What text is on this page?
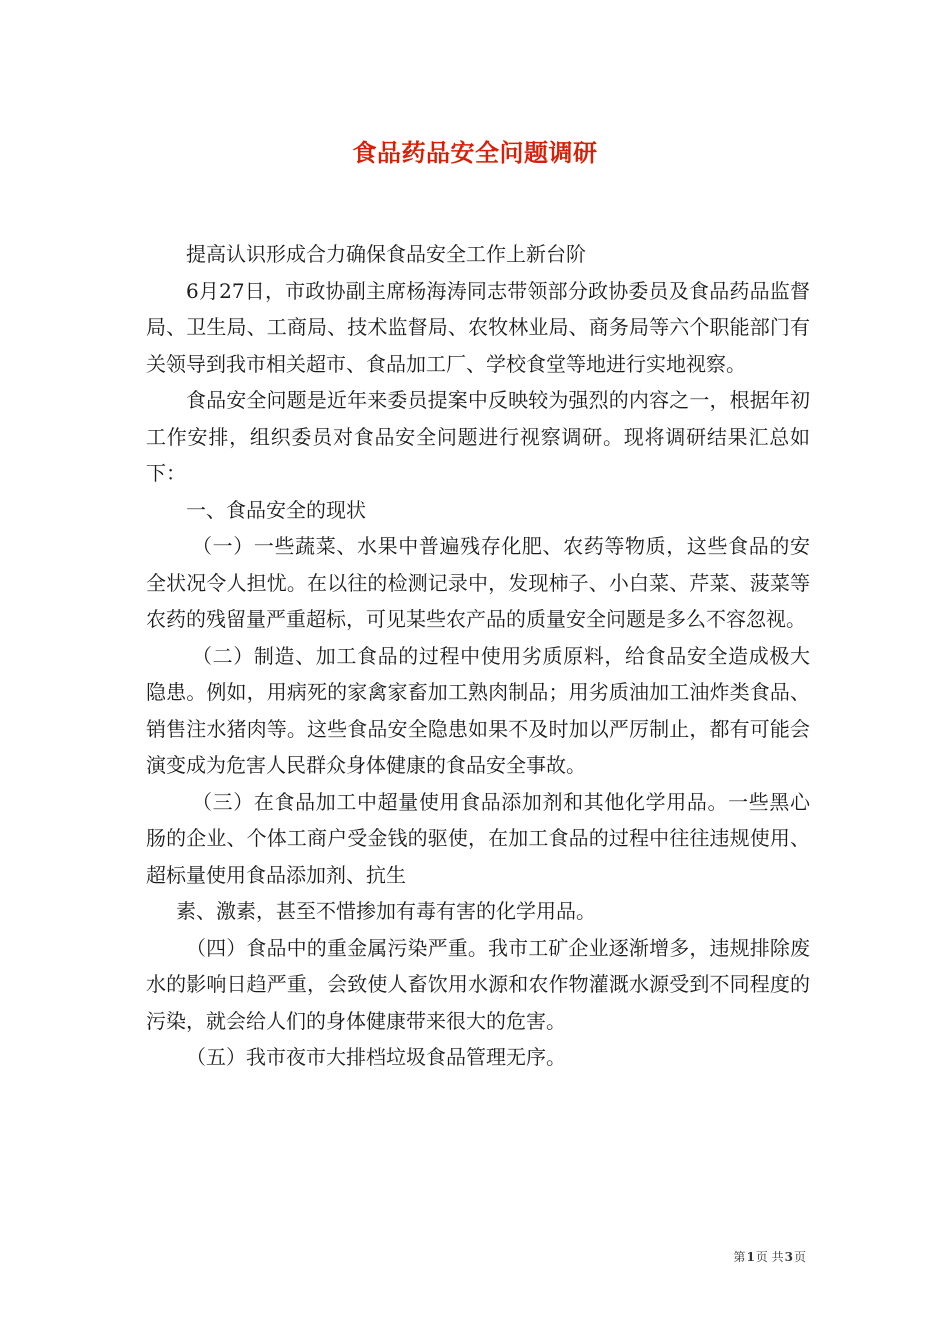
食品药品安全问题调研

提高认识形成合力确保食品安全工作上新台阶

6月27日，市政协副主席杨海涛同志带领部分政协委员及食品药品监督局、卫生局、工商局、技术监督局、农牧林业局、商务局等六个职能部门有关领导到我市相关超市、食品加工厂、学校食堂等地进行实地视察。

食品安全问题是近年来委员提案中反映较为强烈的内容之一，根据年初工作安排，组织委员对食品安全问题进行视察调研。现将调研结果汇总如下：

一、食品安全的现状

（一）一些蔬菜、水果中普遍残存化肥、农药等物质，这些食品的安全状况令人担忧。在以往的检测记录中，发现柿子、小白菜、芹菜、菠菜等农药的残留量严重超标，可见某些农产品的质量安全问题是多么不容忽视。

（二）制造、加工食品的过程中使用劣质原料，给食品安全造成极大隐患。例如，用病死的家禽家畜加工熟肉制品；用劣质油加工油炸类食品、销售注水猪肉等。这些食品安全隐患如果不及时加以严厉制止，都有可能会演变成为危害人民群众身体健康的食品安全事故。

（三）在食品加工中超量使用食品添加剂和其他化学用品。一些黑心肠的企业、个体工商户受金钱的驱使，在加工食品的过程中往往违规使用、超标量使用食品添加剂、抗生

素、激素，甚至不惜掺加有毒有害的化学用品。

（四）食品中的重金属污染严重。我市工矿企业逐渐增多，违规排除废水的影响日趋严重，会致使人畜饮用水源和农作物灌溉水源受到不同程度的污染，就会给人们的身体健康带来很大的危害。

（五）我市夜市大排档垃圾食品管理无序。

第1页 共3页
